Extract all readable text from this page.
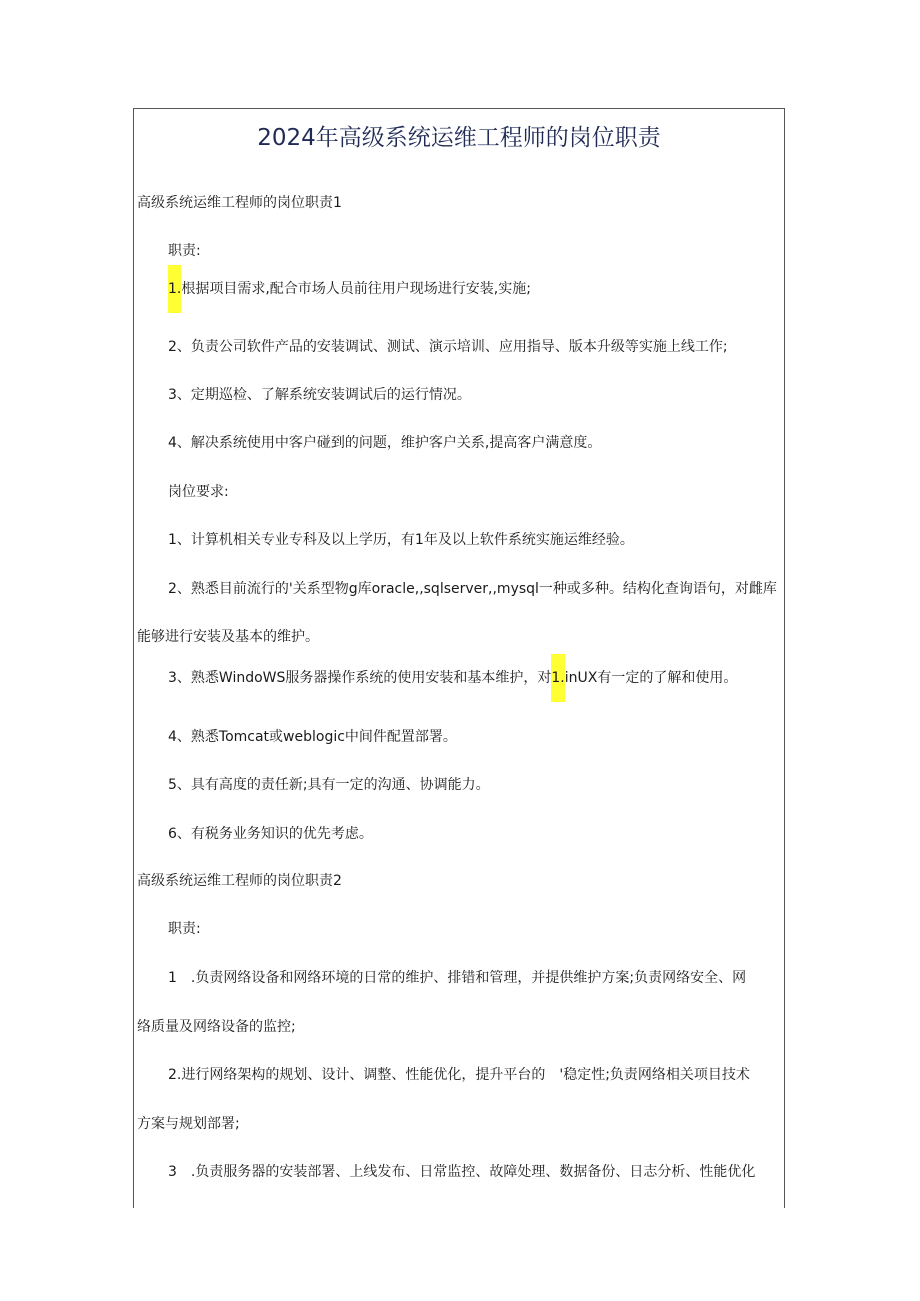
2024年高级系统运维工程师的岗位职责
高级系统运维工程师的岗位职责1
职责:
1.根据项目需求,配合市场人员前往用户现场进行安装,实施;
2、负责公司软件产品的安装调试、测试、演示培训、应用指导、版本升级等实施上线工作;
3、定期巡检、了解系统安装调试后的运行情况。
4、解决系统使用中客户碰到的问题，维护客户关系,提高客户满意度。
岗位要求:
1、计算机相关专业专科及以上学历，有1年及以上软件系统实施运维经验。
2、熟悉目前流行的'关系型物g库oracle,,sqlserver,,mysql一种或多种。结构化查询语句，对雌库
能够进行安装及基本的维护。
3、熟悉WindoWS服务器操作系统的使用安装和基本维护，对1.inUX有一定的了解和使用。
4、熟悉Tomcat或weblogic中间件配置部署。
5、具有高度的责任新;具有一定的沟通、协调能力。
6、有税务业务知识的优先考虑。
高级系统运维工程师的岗位职责2
职责:
1　.负责网络设备和网络环境的日常的维护、排错和管理，并提供维护方案;负责网络安全、网
络质量及网络设备的监控;
2.进行网络架构的规划、设计、调整、性能优化，提升平台的　'稳定性;负责网络相关项目技术
方案与规划部署;
3　.负责服务器的安装部署、上线发布、日常监控、故障处理、数据备份、日志分析、性能优化
